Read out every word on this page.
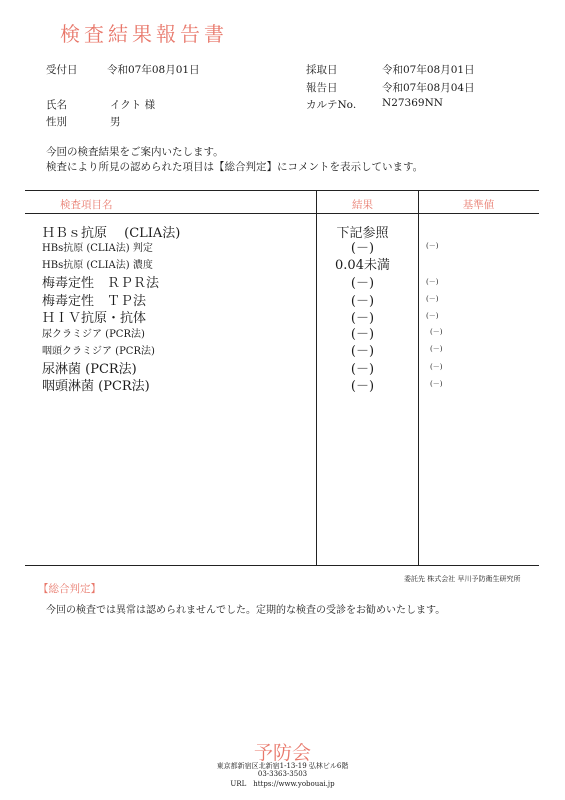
検査結果報告書
受付日	令和07年08月01日	採取日	令和07年08月01日
報告日	令和07年08月04日
氏名	イクト 様	カルテNo. N27369NN
性別	男
今回の検査結果をご案内いたします。
検査により所見の認められた項目は【総合判定】にコメントを表示しています。
検査項目名	結果	基準値
ＨＢｓ抗原　 (CLIA法)	下記参照
HBs抗原 (CLIA法) 判定	(－)	(－)
HBs抗原 (CLIA法) 濃度	0.04未満
梅毒定性　ＲＰＲ法	(－)	(－)
梅毒定性　ＴＰ法	(－)	(－)
ＨＩＶ抗原・抗体	(－)	(－)
尿クラミジア (PCR法)	(－)	(－)
咽頭クラミジア (PCR法)	(－)	(－)
尿淋菌 (PCR法)	(－)	(－)
咽頭淋菌 (PCR法)	(－)	(－)
委託先 株式会社 早川予防衛生研究所
【総合判定】
今回の検査では異常は認められませんでした。定期的な検査の受診をお勧めいたします。
予防会
東京都新宿区北新宿1-13-19 弘林ビル6階
03-3363-3503
URL　https://www.yobouai.jp
